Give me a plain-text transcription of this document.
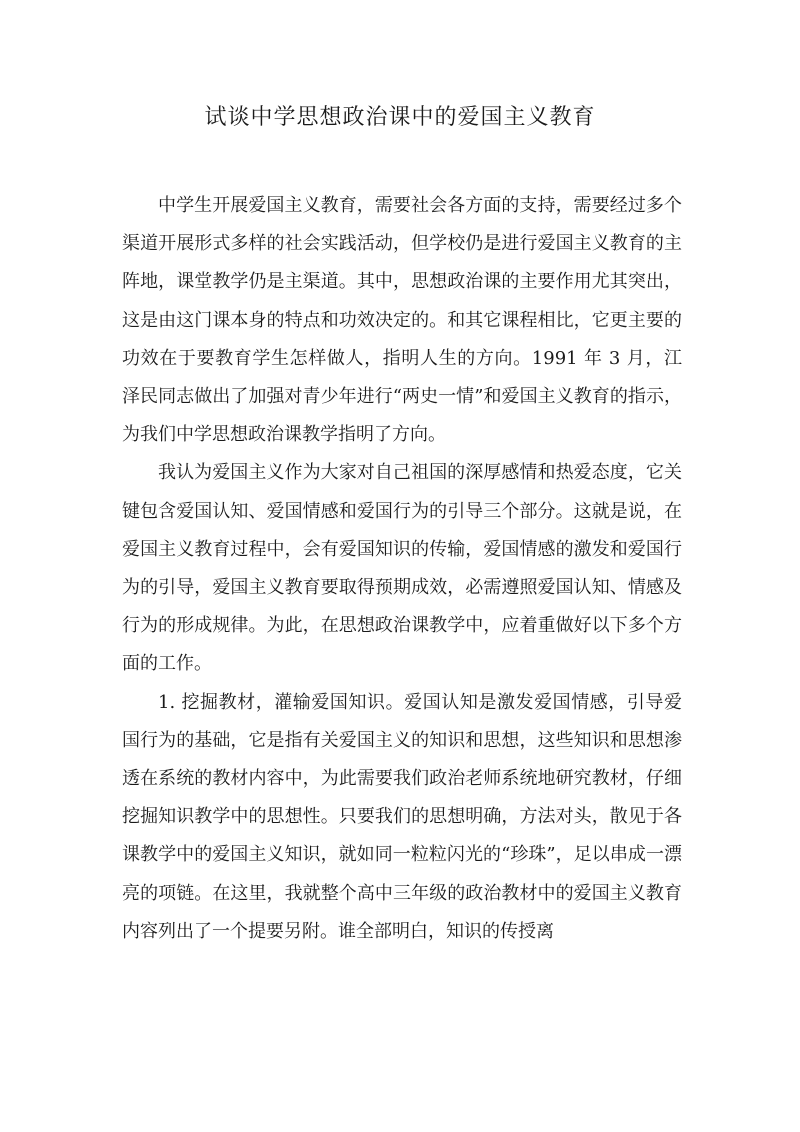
试谈中学思想政治课中的爱国主义教育

中学生开展爱国主义教育，需要社会各方面的支持，需要经过多个渠道开展形式多样的社会实践活动，但学校仍是进行爱国主义教育的主阵地，课堂教学仍是主渠道。其中，思想政治课的主要作用尤其突出，这是由这门课本身的特点和功效决定的。和其它课程相比，它更主要的功效在于要教育学生怎样做人，指明人生的方向。1991 年 3 月，江泽民同志做出了加强对青少年进行“两史一情”和爱国主义教育的指示，为我们中学思想政治课教学指明了方向。

我认为爱国主义作为大家对自己祖国的深厚感情和热爱态度，它关键包含爱国认知、爱国情感和爱国行为的引导三个部分。这就是说，在爱国主义教育过程中，会有爱国知识的传输，爱国情感的激发和爱国行为的引导，爱国主义教育要取得预期成效，必需遵照爱国认知、情感及行为的形成规律。为此，在思想政治课教学中，应着重做好以下多个方面的工作。

1. 挖掘教材，灌输爱国知识。爱国认知是激发爱国情感，引导爱国行为的基础，它是指有关爱国主义的知识和思想，这些知识和思想渗透在系统的教材内容中，为此需要我们政治老师系统地研究教材，仔细挖掘知识教学中的思想性。只要我们的思想明确，方法对头，散见于各课教学中的爱国主义知识，就如同一粒粒闪光的“珍珠”，足以串成一漂亮的项链。在这里，我就整个高中三年级的政治教材中的爱国主义教育内容列出了一个提要另附。谁全部明白，知识的传授离
